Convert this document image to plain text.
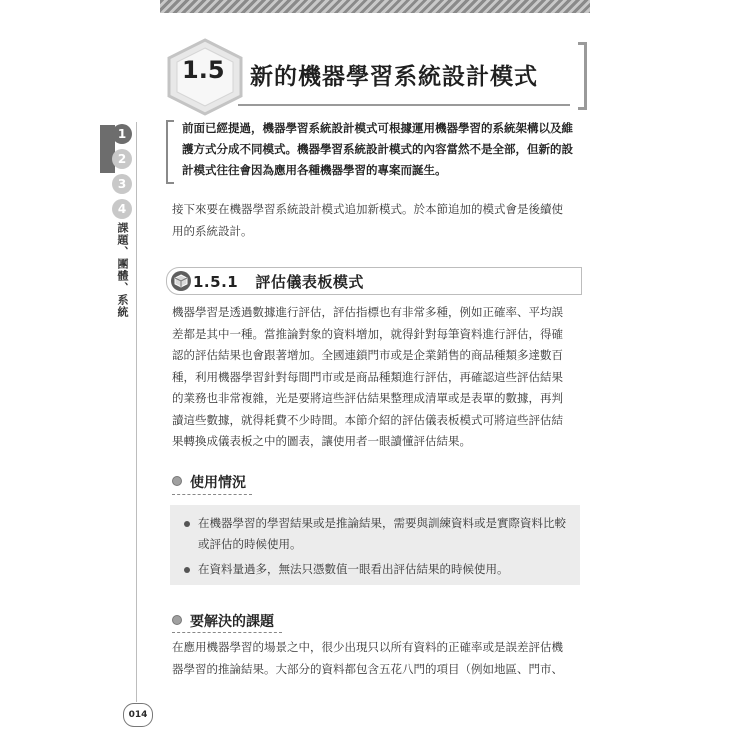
1
2
3
4
課題、團體、系統
014
1.5 新的機器學習系統設計模式

前面已經提過，機器學習系統設計模式可根據運用機器學習的系統架構以及維

護方式分成不同模式。機器學習系統設計模式的內容當然不是全部，但新的設

計模式往往會因為應用各種機器學習的專案而誕生。

接下來要在機器學習系統設計模式追加新模式。於本節追加的模式會是後續使

用的系統設計。

1.5.1 評估儀表板模式

機器學習是透過數據進行評估，評估指標也有非常多種，例如正確率、平均誤

差都是其中一種。當推論對象的資料增加，就得針對每筆資料進行評估，得確

認的評估結果也會跟著增加。全國連鎖門市或是企業銷售的商品種類多達數百

種，利用機器學習針對每間門市或是商品種類進行評估，再確認這些評估結果

的業務也非常複雜，光是要將這些評估結果整理成清單或是表單的數據，再判

讀這些數據，就得耗費不少時間。本節介紹的評估儀表板模式可將這些評估結

果轉換成儀表板之中的圖表，讓使用者一眼讀懂評估結果。

使用情況
在機器學習的學習結果或是推論結果，需要與訓練資料或是實際資料比較
或評估的時候使用。
在資料量過多，無法只憑數值一眼看出評估結果的時候使用。
要解決的課題

在應用機器學習的場景之中，很少出現只以所有資料的正確率或是誤差評估機

器學習的推論結果。大部分的資料都包含五花八門的項目（例如地區、門市、
